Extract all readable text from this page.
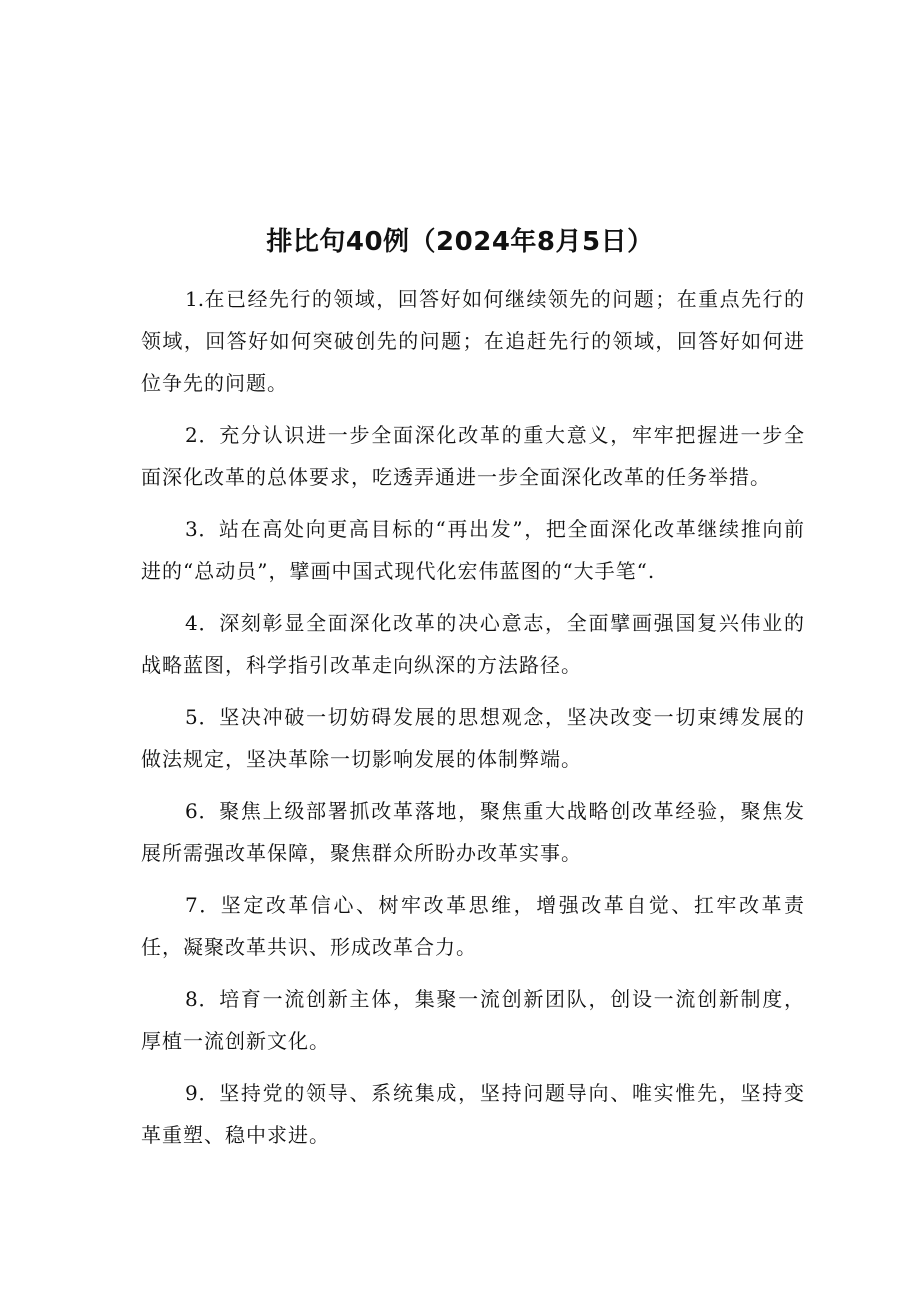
排比句40例（2024年8月5日）

1.在已经先行的领域，回答好如何继续领先的问题；在重点先行的领域，回答好如何突破创先的问题；在追赶先行的领域，回答好如何进位争先的问题。

2．充分认识进一步全面深化改革的重大意义，牢牢把握进一步全面深化改革的总体要求，吃透弄通进一步全面深化改革的任务举措。

3．站在高处向更高目标的“再出发”，把全面深化改革继续推向前进的“总动员”，擘画中国式现代化宏伟蓝图的“大手笔“.

4．深刻彰显全面深化改革的决心意志，全面擘画强国复兴伟业的战略蓝图，科学指引改革走向纵深的方法路径。

5．坚决冲破一切妨碍发展的思想观念，坚决改变一切束缚发展的做法规定，坚决革除一切影响发展的体制弊端。

6．聚焦上级部署抓改革落地，聚焦重大战略创改革经验，聚焦发展所需强改革保障，聚焦群众所盼办改革实事。

7．坚定改革信心、树牢改革思维，增强改革自觉、扛牢改革责任，凝聚改革共识、形成改革合力。

8．培育一流创新主体，集聚一流创新团队，创设一流创新制度，厚植一流创新文化。

9．坚持党的领导、系统集成，坚持问题导向、唯实惟先，坚持变革重塑、稳中求进。
